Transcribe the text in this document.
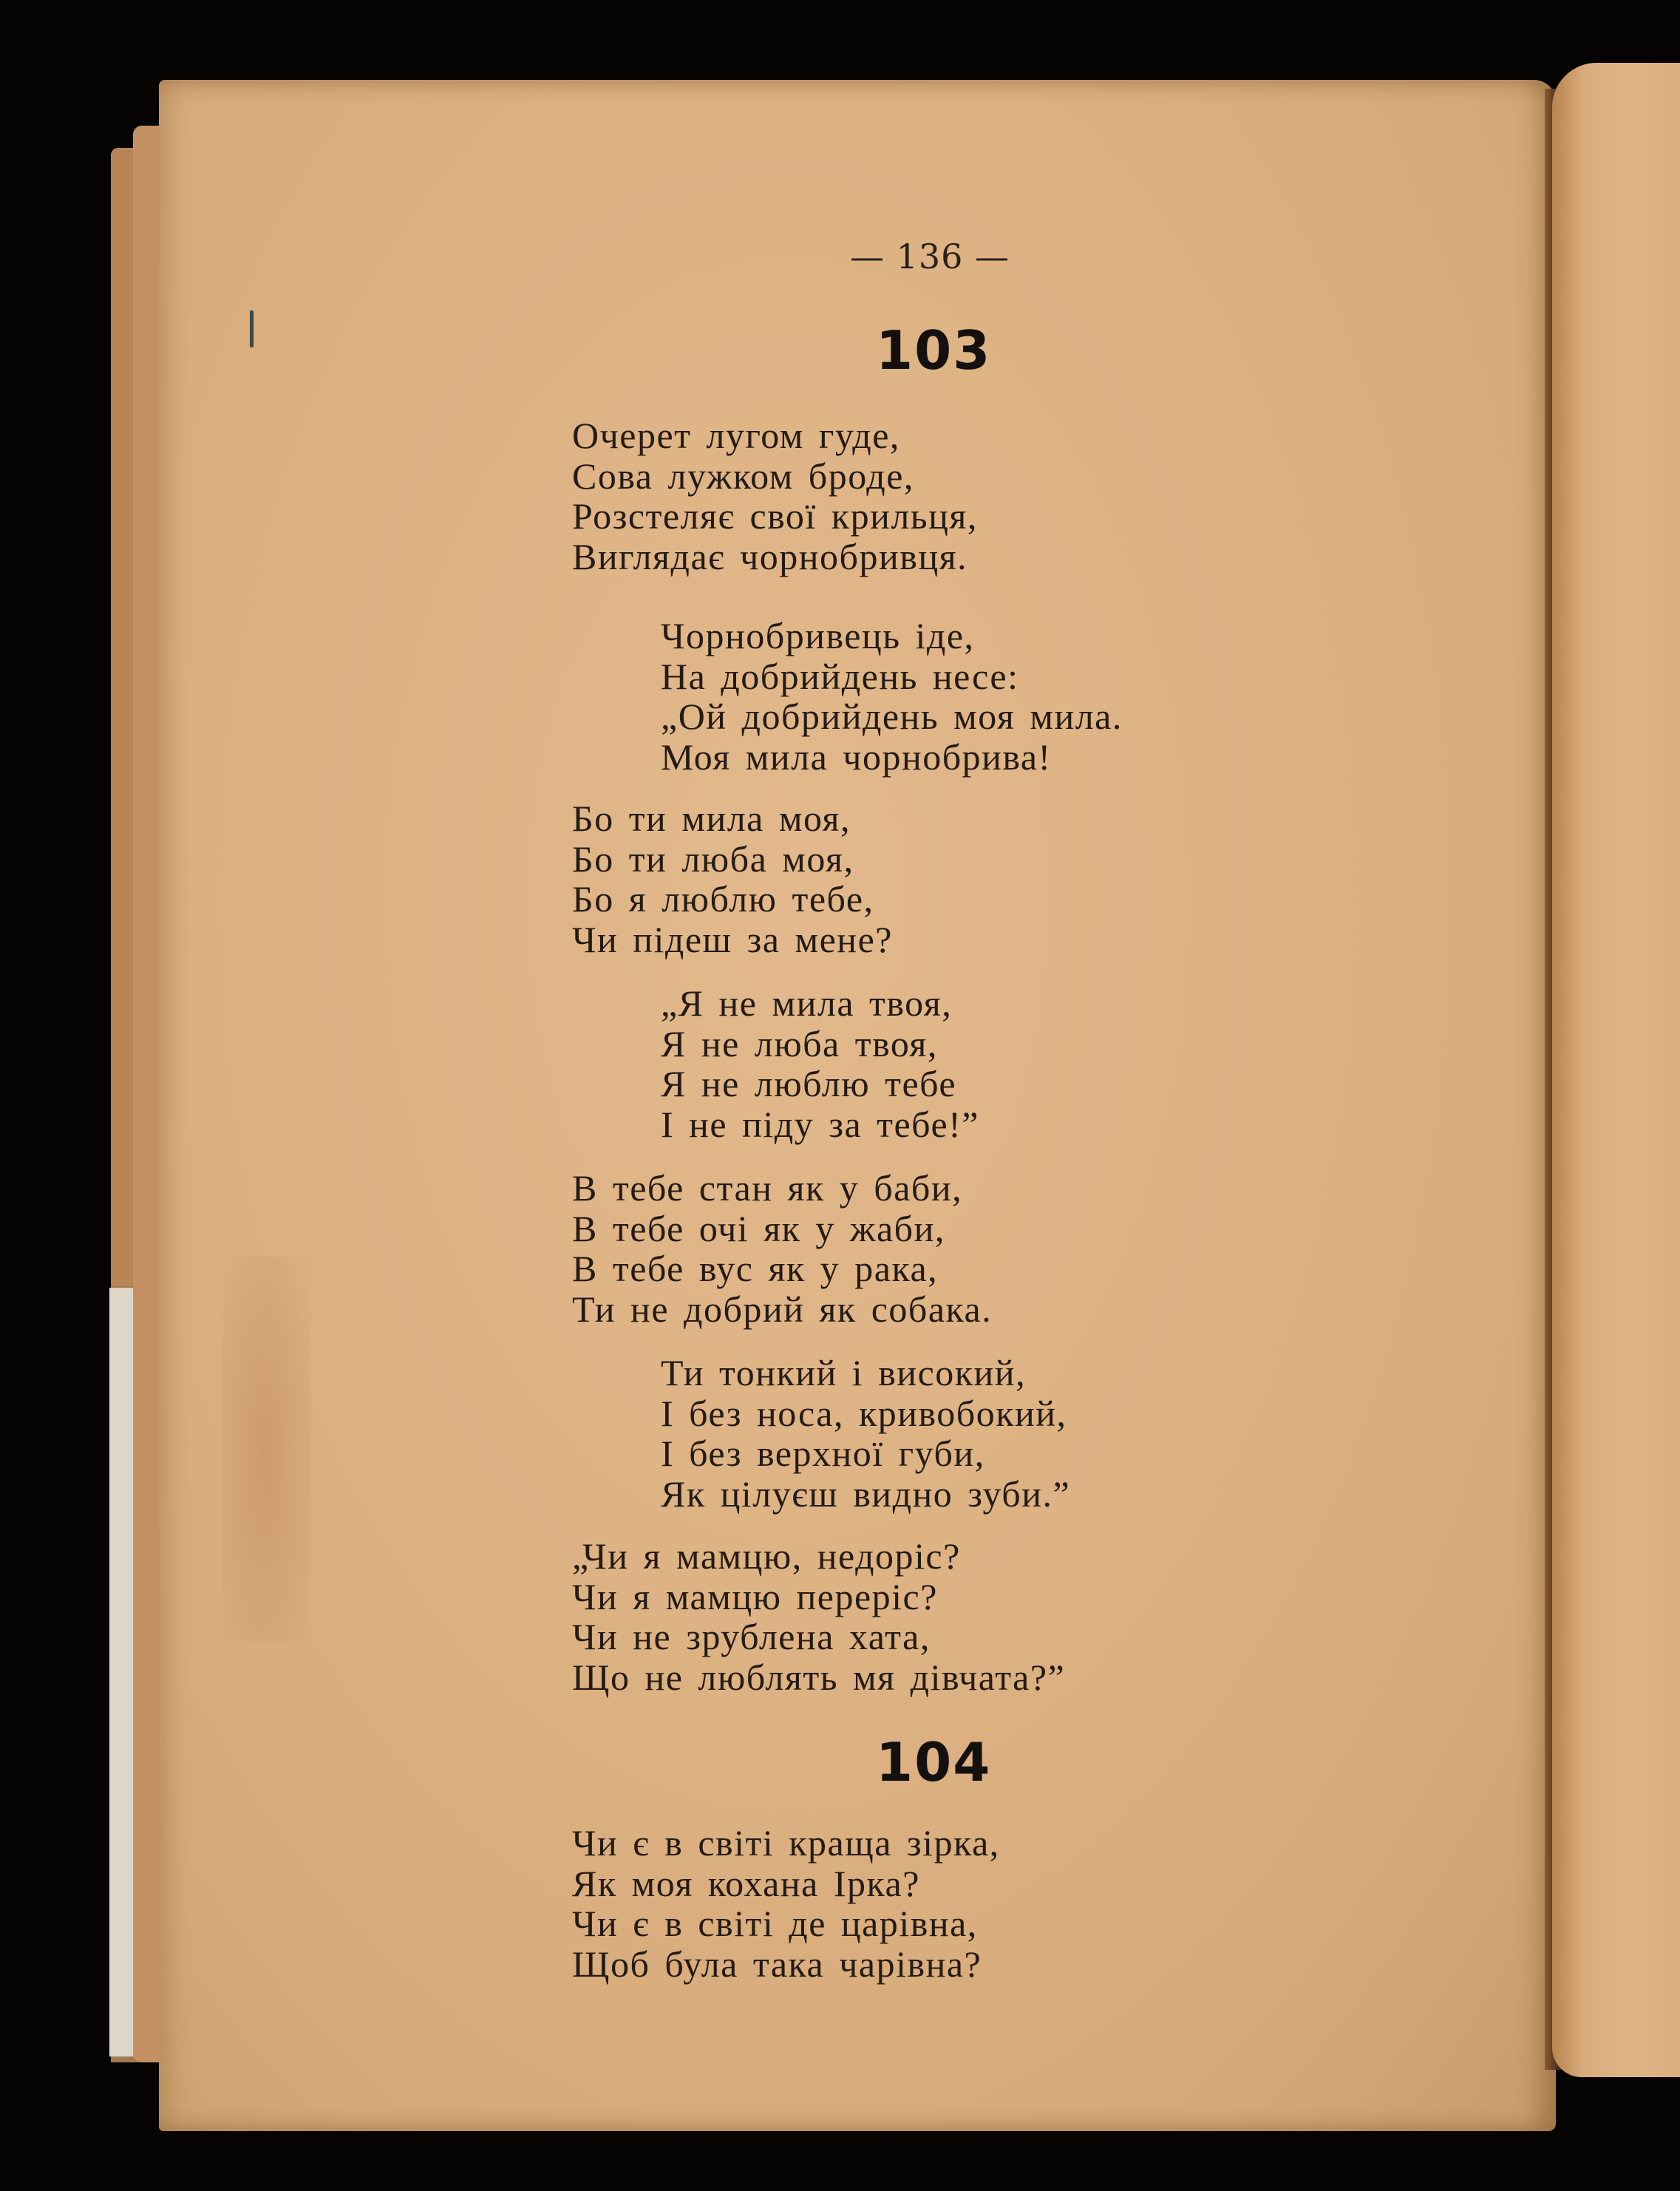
— 136 —
103
Очерет лугом гуде,
Сова лужком броде,
Розстеляє свої крильця,
Виглядає чорнобривця.
Чорнобривець іде,
На добрийдень несе:
„Ой добрийдень моя мила.
Моя мила чорнобрива!
Бо ти мила моя,
Бо ти люба моя,
Бо я люблю тебе,
Чи підеш за мене?
„Я не мила твоя,
Я не люба твоя,
Я не люблю тебе
І не піду за тебе!”
В тебе стан як у баби,
В тебе очі як у жаби,
В тебе вус як у рака,
Ти не добрий як собака.
Ти тонкий і високий,
І без носа, кривобокий,
І без верхної губи,
Як цілуєш видно зуби.”
„Чи я мамцю, недоріс?
Чи я мамцю переріс?
Чи не зрублена хата,
Що не люблять мя дівчата?”
104
Чи є в світі краща зірка,
Як моя кохана Ірка?
Чи є в світі де царівна,
Щоб була така чарівна?
